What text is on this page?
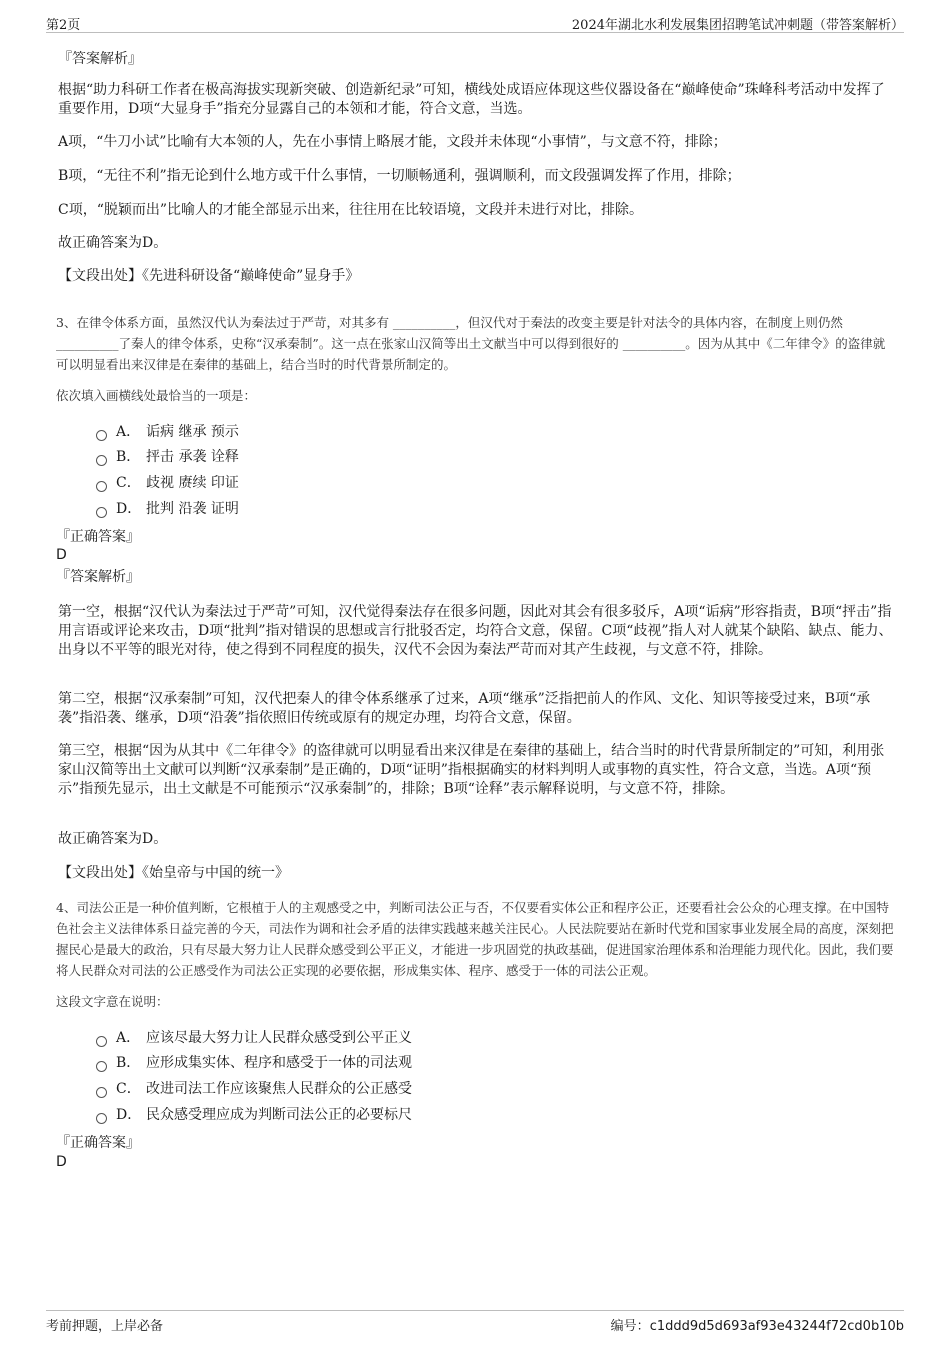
第2页	2024年湖北水利发展集团招聘笔试冲刺题（带答案解析）

『答案解析』

根据“助力科研工作者在极高海拔实现新突破、创造新纪录”可知，横线处成语应体现这些仪器设备在“巅峰使命”珠峰科考活动中发挥了重要作用，D项“大显身手”指充分显露自己的本领和才能，符合文意，当选。

A项，“牛刀小试”比喻有大本领的人，先在小事情上略展才能，文段并未体现“小事情”，与文意不符，排除；

B项，“无往不利”指无论到什么地方或干什么事情，一切顺畅通利，强调顺利，而文段强调发挥了作用，排除；

C项，“脱颖而出”比喻人的才能全部显示出来，往往用在比较语境，文段并未进行对比，排除。

故正确答案为D。

【文段出处】《先进科研设备“巅峰使命”显身手》

3、在律令体系方面，虽然汉代认为秦法过于严苛，对其多有 __________，但汉代对于秦法的改变主要是针对法令的具体内容，在制度上则仍然 __________了秦人的律令体系，史称“汉承秦制”。这一点在张家山汉简等出土文献当中可以得到很好的 __________。因为从其中《二年律令》的盗律就可以明显看出来汉律是在秦律的基础上，结合当时的时代背景所制定的。

依次填入画横线处最恰当的一项是：

A． 诟病 继承 预示
B． 抨击 承袭 诠释
C． 歧视 赓续 印证
D． 批判 沿袭 证明

『正确答案』

D

『答案解析』

第一空，根据“汉代认为秦法过于严苛”可知，汉代觉得秦法存在很多问题，因此对其会有很多驳斥，A项“诟病”形容指责，B项“抨击”指用言语或评论来攻击，D项“批判”指对错误的思想或言行批驳否定，均符合文意，保留。C项“歧视”指人对人就某个缺陷、缺点、能力、出身以不平等的眼光对待，使之得到不同程度的损失，汉代不会因为秦法严苛而对其产生歧视，与文意不符，排除。

第二空，根据“汉承秦制”可知，汉代把秦人的律令体系继承了过来，A项“继承”泛指把前人的作风、文化、知识等接受过来，B项“承袭”指沿袭、继承，D项“沿袭”指依照旧传统或原有的规定办理，均符合文意，保留。

第三空，根据“因为从其中《二年律令》的盗律就可以明显看出来汉律是在秦律的基础上，结合当时的时代背景所制定的”可知，利用张家山汉简等出土文献可以判断“汉承秦制”是正确的，D项“证明”指根据确实的材料判明人或事物的真实性，符合文意，当选。A项“预示”指预先显示，出土文献是不可能预示“汉承秦制”的，排除；B项“诠释”表示解释说明，与文意不符，排除。

故正确答案为D。

【文段出处】《始皇帝与中国的统一》

4、司法公正是一种价值判断，它根植于人的主观感受之中，判断司法公正与否，不仅要看实体公正和程序公正，还要看社会公众的心理支撑。在中国特色社会主义法律体系日益完善的今天，司法作为调和社会矛盾的法律实践越来越关注民心。人民法院要站在新时代党和国家事业发展全局的高度，深刻把握民心是最大的政治，只有尽最大努力让人民群众感受到公平正义，才能进一步巩固党的执政基础，促进国家治理体系和治理能力现代化。因此，我们要将人民群众对司法的公正感受作为司法公正实现的必要依据，形成集实体、程序、感受于一体的司法公正观。

这段文字意在说明：

A． 应该尽最大努力让人民群众感受到公平正义
B． 应形成集实体、程序和感受于一体的司法观
C． 改进司法工作应该聚焦人民群众的公正感受
D． 民众感受理应成为判断司法公正的必要标尺

『正确答案』

D

考前押题，上岸必备	编号：c1ddd9d5d693af93e43244f72cd0b10b
